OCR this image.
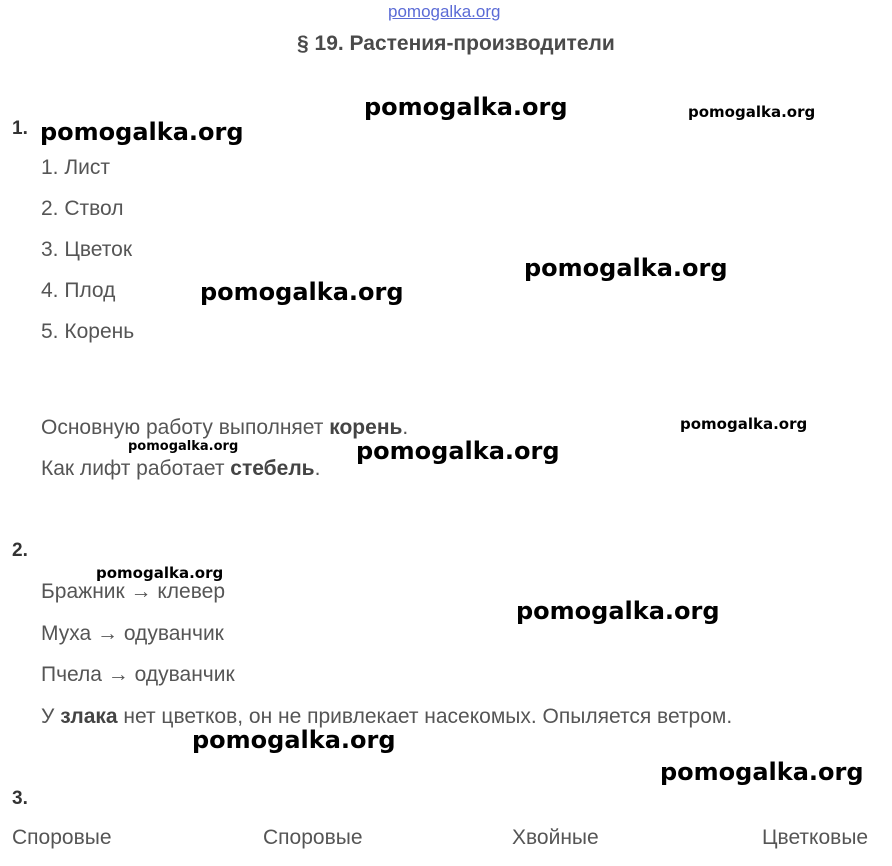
pomogalka.org
§ 19. Растения-производители
1.
1. Лист
2. Ствол
3. Цветок
4. Плод
5. Корень
Основную работу выполняет корень.
Как лифт работает стебель.
2.
Бражник → клевер
Муха → одуванчик
Пчела → одуванчик
У злака нет цветков, он не привлекает насекомых. Опыляется ветром.
3.
Споровые	Споровые	Хвойные	Цветковые
pomogalka.org	pomogalka.org
pomogalka.org
pomogalka.org
pomogalka.org
pomogalka.org
pomogalka.org	pomogalka.org
pomogalka.org
pomogalka.org
pomogalka.org
pomogalka.org
